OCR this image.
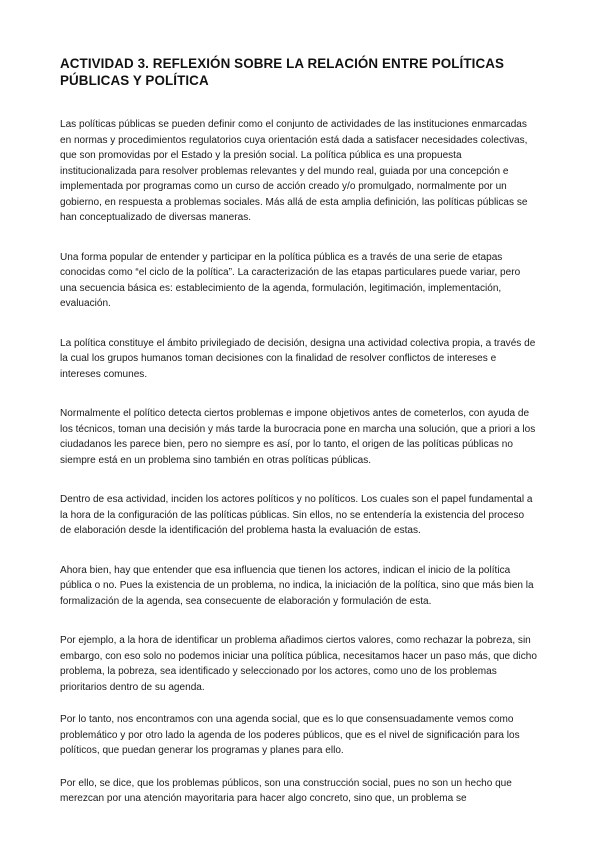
ACTIVIDAD 3. REFLEXIÓN SOBRE LA RELACIÓN ENTRE POLÍTICAS PÚBLICAS Y POLÍTICA

Las políticas públicas se pueden definir como el conjunto de actividades de las instituciones enmarcadas en normas y procedimientos regulatorios cuya orientación está dada a satisfacer necesidades colectivas, que son promovidas por el Estado y la presión social. La política pública es una propuesta institucionalizada para resolver problemas relevantes y del mundo real, guiada por una concepción e implementada por programas como un curso de acción creado y/o promulgado, normalmente por un gobierno, en respuesta a problemas sociales. Más allá de esta amplia definición, las políticas públicas se han conceptualizado de diversas maneras.

Una forma popular de entender y participar en la política pública es a través de una serie de etapas conocidas como “el ciclo de la política”. La caracterización de las etapas particulares puede variar, pero una secuencia básica es: establecimiento de la agenda, formulación, legitimación, implementación, evaluación.

La política constituye el ámbito privilegiado de decisión, designa una actividad colectiva propia, a través de la cual los grupos humanos toman decisiones con la finalidad de resolver conflictos de intereses e intereses comunes.

Normalmente el político detecta ciertos problemas e impone objetivos antes de cometerlos, con ayuda de los técnicos, toman una decisión y más tarde la burocracia pone en marcha una solución, que a priori a los ciudadanos les parece bien, pero no siempre es así, por lo tanto, el origen de las políticas públicas no siempre está en un problema sino también en otras políticas públicas.

Dentro de esa actividad, inciden los actores políticos y no políticos. Los cuales son el papel fundamental a la hora de la configuración de las políticas públicas. Sin ellos, no se entendería la existencia del proceso de elaboración desde la identificación del problema hasta la evaluación de estas.

Ahora bien, hay que entender que esa influencia que tienen los actores, indican el inicio de la política pública o no. Pues la existencia de un problema, no indica, la iniciación de la política, sino que más bien la formalización de la agenda, sea consecuente de elaboración y formulación de esta.

Por ejemplo, a la hora de identificar un problema añadimos ciertos valores, como rechazar la pobreza, sin embargo, con eso solo no podemos iniciar una política pública, necesitamos hacer un paso más, que dicho problema, la pobreza, sea identificado y seleccionado por los actores, como uno de los problemas prioritarios dentro de su agenda.

Por lo tanto, nos encontramos con una agenda social, que es lo que consensuadamente vemos como problemático y por otro lado la agenda de los poderes públicos, que es el nivel de significación para los políticos, que puedan generar los programas y planes para ello.

Por ello, se dice, que los problemas públicos, son una construcción social, pues no son un hecho que merezcan por una atención mayoritaria para hacer algo concreto, sino que, un problema se
